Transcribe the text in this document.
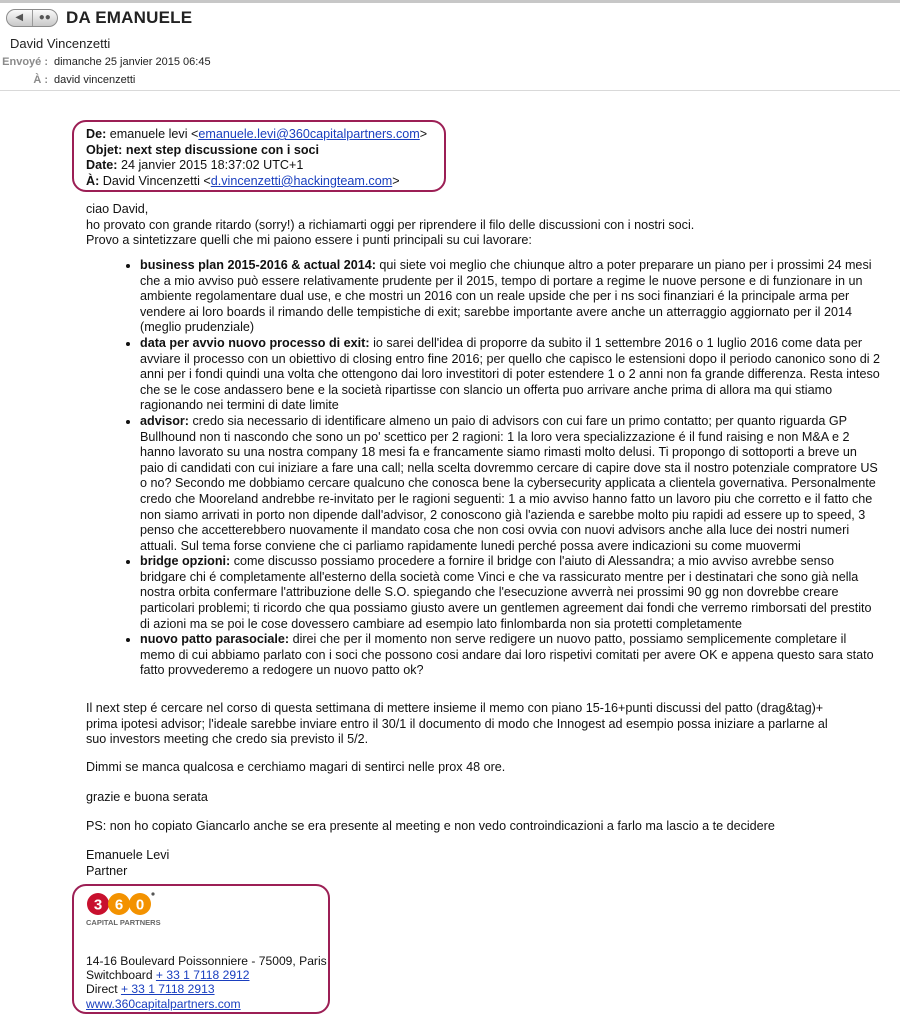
◀	●● DA EMANUELE
David Vincenzetti
Envoyé : dimanche 25 janvier 2015 06:45
À : david vincenzetti
De: emanuele levi <emanuele.levi@360capitalpartners.com>
Objet: next step discussione con i soci
Date: 24 janvier 2015 18:37:02 UTC+1
À: David Vincenzetti <d.vincenzetti@hackingteam.com>
ciao David,
ho provato con grande ritardo (sorry!) a richiamarti oggi per riprendere il filo delle discussioni con i nostri soci.
Provo a sintetizzare quelli che mi paiono essere i punti principali su cui lavorare:
• business plan 2015-2016 & actual 2014: qui siete voi meglio che chiunque altro a poter preparare un piano per i prossimi 24 mesi che a mio avviso può essere relativamente prudente per il 2015, tempo di portare a regime le nuove persone e di funzionare in un ambiente regolamentare dual use, e che mostri un 2016 con un reale upside che per i ns soci finanziari é la principale arma per vendere ai loro boards il rimando delle tempistiche di exit; sarebbe importante avere anche un atterraggio aggiornato per il 2014 (meglio prudenziale)
• data per avvio nuovo processo di exit: io sarei dell'idea di proporre da subito il 1 settembre 2016 o 1 luglio 2016 come data per avviare il processo con un obiettivo di closing entro fine 2016; per quello che capisco le estensioni dopo il periodo canonico sono di 2 anni per i fondi quindi una volta che ottengono dai loro investitori di poter estendere 1 o 2 anni non fa grande differenza. Resta inteso che se le cose andassero bene e la società ripartisse con slancio un offerta puo arrivare anche prima di allora ma qui stiamo ragionando nei termini di date limite
• advisor: credo sia necessario di identificare almeno un paio di advisors con cui fare un primo contatto; per quanto riguarda GP Bullhound non ti nascondo che sono un po' scettico per 2 ragioni: 1 la loro vera specializzazione é il fund raising e non M&A e 2 hanno lavorato su una nostra company 18 mesi fa e francamente siamo rimasti molto delusi. Ti propongo di sottoporti a breve un paio di candidati con cui iniziare a fare una call; nella scelta dovremmo cercare di capire dove sta il nostro potenziale compratore US o no? Secondo me dobbiamo cercare qualcuno che conosca bene la cybersecurity applicata a clientela governativa. Personalmente credo che Mooreland andrebbe re-invitato per le ragioni seguenti: 1 a mio avviso hanno fatto un lavoro piu che corretto e il fatto che non siamo arrivati in porto non dipende dall'advisor, 2 conoscono già l'azienda e sarebbe molto piu rapidi ad essere up to speed, 3 penso che accetterebbero nuovamente il mandato cosa che non cosi ovvia con nuovi advisors anche alla luce dei nostri numeri attuali. Sul tema forse conviene che ci parliamo rapidamente lunedi perché possa avere indicazioni su come muovermi
• bridge opzioni: come discusso possiamo procedere a fornire il bridge con l'aiuto di Alessandra; a mio avviso avrebbe senso bridgare chi é completamente all'esterno della società come Vinci e che va rassicurato mentre per i destinatari che sono già nella nostra orbita confermare l'attribuzione delle S.O. spiegando che l'esecuzione avverrà nei prossimi 90 gg non dovrebbe creare particolari problemi; ti ricordo che qua possiamo giusto avere un gentlemen agreement dai fondi che verremo rimborsati del prestito di azioni ma se poi le cose dovessero cambiare ad esempio lato finlombarda non sia protetti completamente
• nuovo patto parasociale: direi che per il momento non serve redigere un nuovo patto, possiamo semplicemente completare il memo di cui abbiamo parlato con i soci che possono cosi andare dai loro rispetivi comitati per avere OK e appena questo sara stato fatto provvederemo a redogere un nuovo patto ok?
Il next step é cercare nel corso di questa settimana di mettere insieme il memo con piano 15-16+punti discussi del patto (drag&tag)+ prima ipotesi advisor; l'ideale sarebbe inviare entro il 30/1 il documento di modo che Innogest ad esempio possa iniziare a parlarne al suo investors meeting che credo sia previsto il 5/2.
Dimmi se manca qualcosa e cerchiamo magari di sentirci nelle prox 48 ore.
grazie e buona serata
PS: non ho copiato Giancarlo anche se era presente al meeting e non vedo controindicazioni a farlo ma lascio a te decidere
Emanuele Levi
Partner
3 6 0
CAPITAL PARTNERS
14-16 Boulevard Poissonniere - 75009, Paris
Switchboard + 33 1 7118 2912
Direct + 33 1 7118 2913
www.360capitalpartners.com
